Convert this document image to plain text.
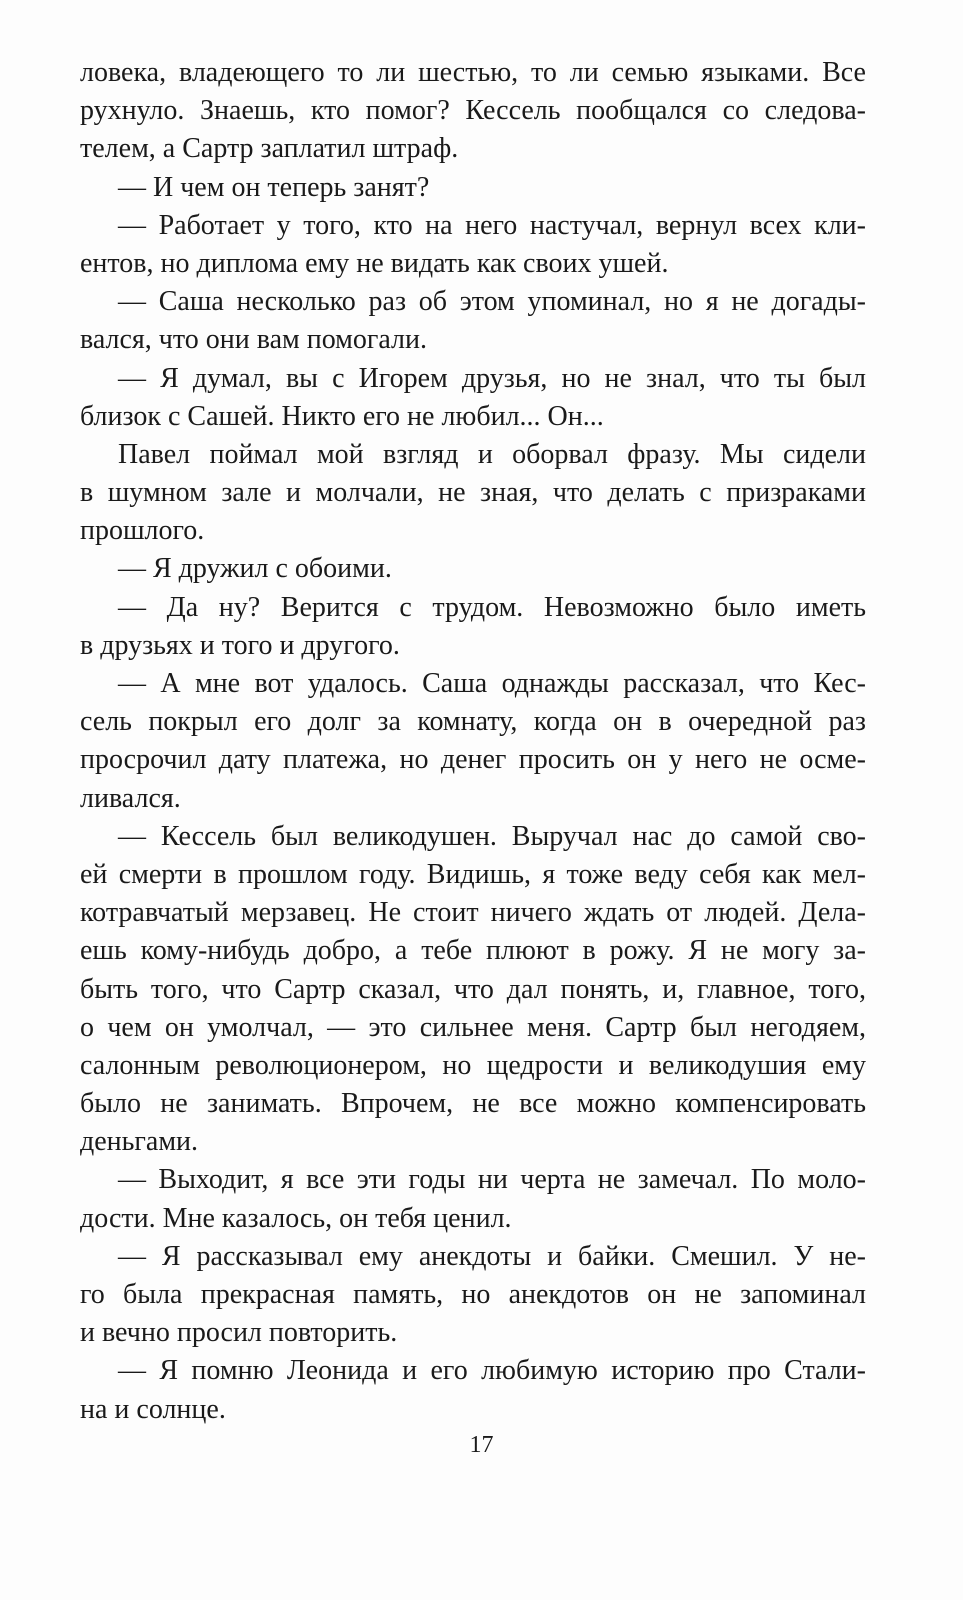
ловека, владеющего то ли шестью, то ли семью языками. Все
рухнуло. Знаешь, кто помог? Кессель пообщался со следова-
телем, а Сартр заплатил штраф.
— И чем он теперь занят?
— Работает у того, кто на него настучал, вернул всех кли-
ентов, но диплома ему не видать как своих ушей.
— Саша несколько раз об этом упоминал, но я не догады-
вался, что они вам помогали.
— Я думал, вы с Игорем друзья, но не знал, что ты был
близок с Сашей. Никто его не любил... Он...
Павел поймал мой взгляд и оборвал фразу. Мы сидели
в шумном зале и молчали, не зная, что делать с призраками
прошлого.
— Я дружил с обоими.
— Да ну? Верится с трудом. Невозможно было иметь
в друзьях и того и другого.
— А мне вот удалось. Саша однажды рассказал, что Кес-
сель покрыл его долг за комнату, когда он в очередной раз
просрочил дату платежа, но денег просить он у него не осме-
ливался.
— Кессель был великодушен. Выручал нас до самой сво-
ей смерти в прошлом году. Видишь, я тоже веду себя как мел-
котравчатый мерзавец. Не стоит ничего ждать от людей. Дела-
ешь кому-нибудь добро, а тебе плюют в рожу. Я не могу за-
быть того, что Сартр сказал, что дал понять, и, главное, того,
о чем он умолчал, — это сильнее меня. Сартр был негодяем,
салонным революционером, но щедрости и великодушия ему
было не занимать. Впрочем, не все можно компенсировать
деньгами.
— Выходит, я все эти годы ни черта не замечал. По моло-
дости. Мне казалось, он тебя ценил.
— Я рассказывал ему анекдоты и байки. Смешил. У не-
го была прекрасная память, но анекдотов он не запоминал
и вечно просил повторить.
— Я помню Леонида и его любимую историю про Стали-
на и солнце.
17
